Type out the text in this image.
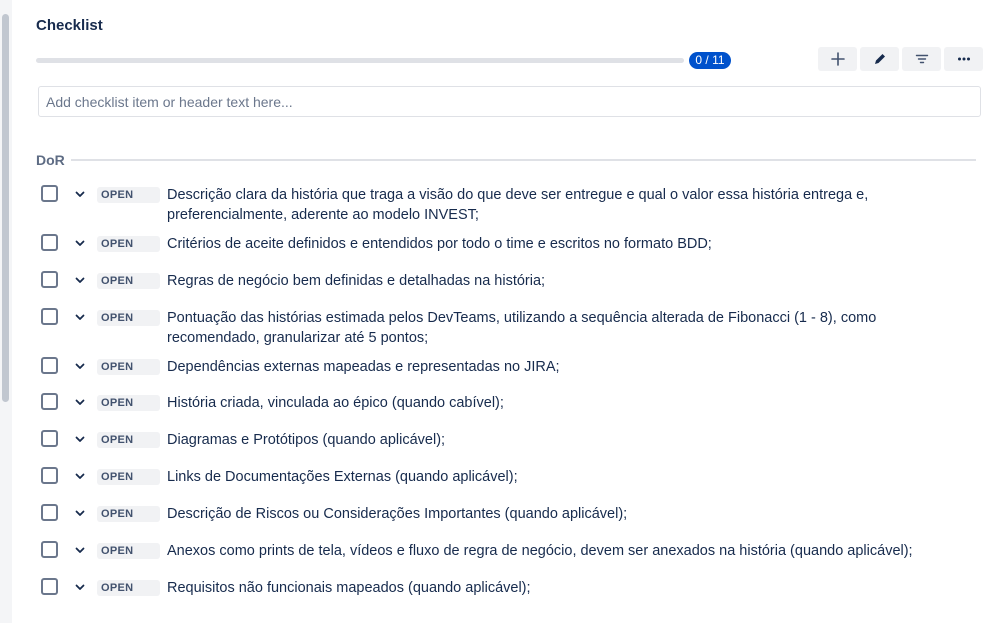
Checklist
0 / 11
Add checklist item or header text here...
DoR
OPEN	Descrição clara da história que traga a visão do que deve ser entregue e qual o valor essa história entrega e, preferencialmente, aderente ao modelo INVEST;
OPEN	Critérios de aceite definidos e entendidos por todo o time e escritos no formato BDD;
OPEN	Regras de negócio bem definidas e detalhadas na história;
OPEN	Pontuação das histórias estimada pelos DevTeams, utilizando a sequência alterada de Fibonacci (1 - 8), como recomendado, granularizar até 5 pontos;
OPEN	Dependências externas mapeadas e representadas no JIRA;
OPEN	História criada, vinculada ao épico (quando cabível);
OPEN	Diagramas e Protótipos (quando aplicável);
OPEN	Links de Documentações Externas (quando aplicável);
OPEN	Descrição de Riscos ou Considerações Importantes (quando aplicável);
OPEN	Anexos como prints de tela, vídeos e fluxo de regra de negócio, devem ser anexados na história (quando aplicável);
OPEN	Requisitos não funcionais mapeados (quando aplicável);
